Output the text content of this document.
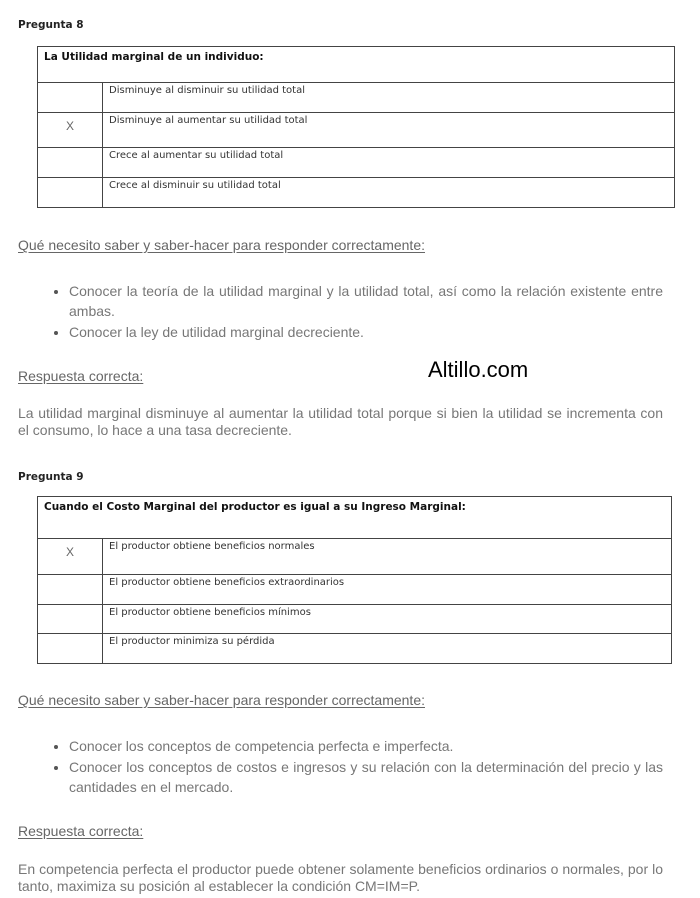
Pregunta 8
La Utilidad marginal de un individuo:	
	Disminuye al disminuir su utilidad total
X	Disminuye al aumentar su utilidad total
	Crece al aumentar su utilidad total
	Crece al disminuir su utilidad total
Qué necesito saber y saber-hacer para responder correctamente:
• Conocer la teoría de la utilidad marginal y la utilidad total, así como la relación existente entre ambas.
• Conocer la ley de utilidad marginal decreciente.
Respuesta correcta:	Altillo.com
La utilidad marginal disminuye al aumentar la utilidad total porque si bien la utilidad se incrementa con el consumo, lo hace a una tasa decreciente.
Pregunta 9
Cuando el Costo Marginal del productor es igual a su Ingreso Marginal:	
X	El productor obtiene beneficios normales
	El productor obtiene beneficios extraordinarios
	El productor obtiene beneficios mínimos
	El productor minimiza su pérdida
Qué necesito saber y saber-hacer para responder correctamente:
• Conocer los conceptos de competencia perfecta e imperfecta.
• Conocer los conceptos de costos e ingresos y su relación con la determinación del precio y las cantidades en el mercado.
Respuesta correcta:
En competencia perfecta el productor puede obtener solamente beneficios ordinarios o normales, por lo tanto, maximiza su posición al establecer la condición CM=IM=P.
